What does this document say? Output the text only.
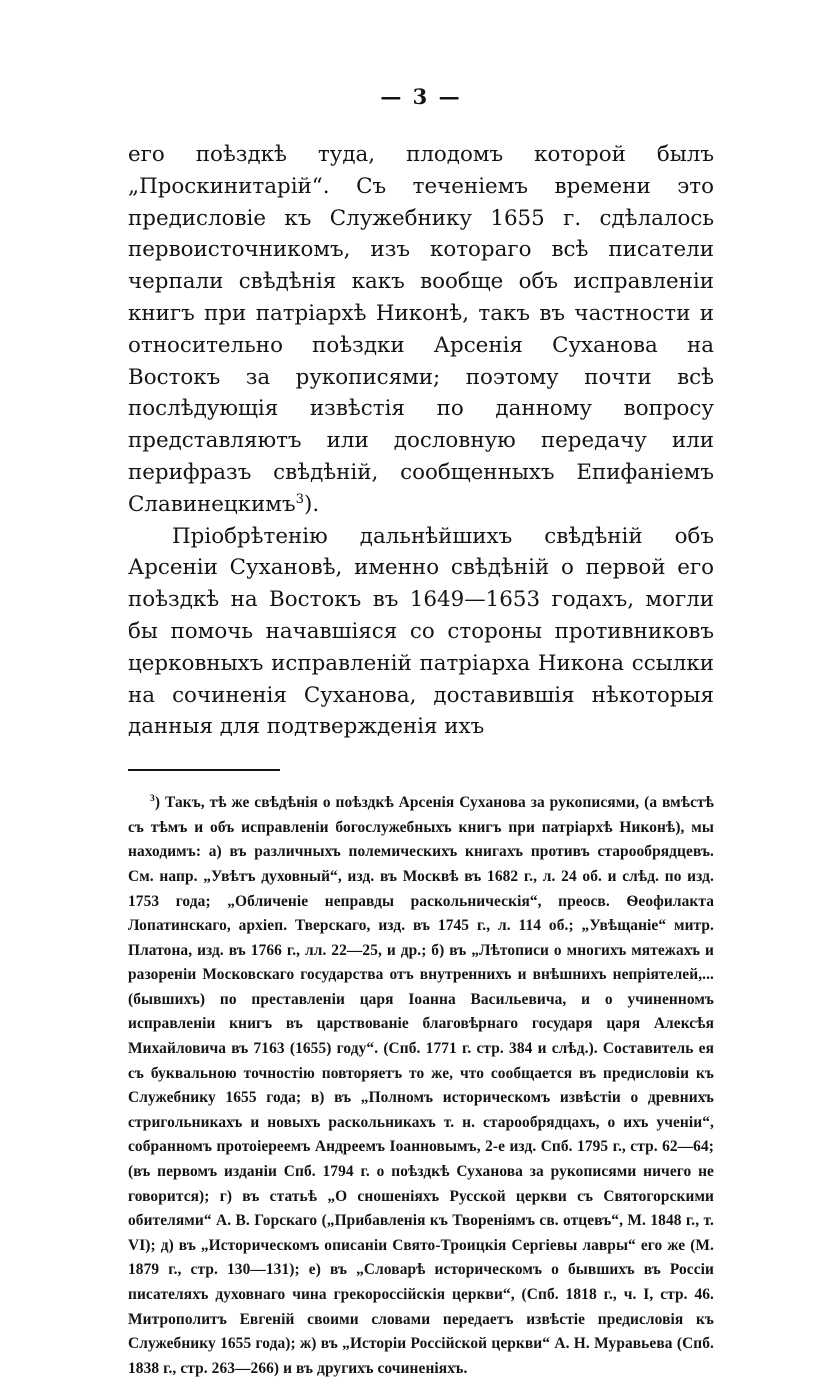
— 3 —

его поѣздкѣ туда, плодомъ которой былъ „Проскинитарій“. Съ теченіемъ времени это предисловіе къ Служебнику 1655 г. сдѣлалось первоисточникомъ, изъ котораго всѣ писатели черпали свѣдѣнія какъ вообще объ исправленіи книгъ при патріархѣ Никонѣ, такъ въ частности и относительно поѣздки Арсенія Суханова на Востокъ за рукописями; поэтому почти всѣ послѣдующія извѣстія по данному вопросу представляютъ или дословную передачу или перифразъ свѣдѣній, сообщенныхъ Епифаніемъ Славинецкимъ$^3$).

Пріобрѣтенію дальнѣйшихъ свѣдѣній объ Арсеніи Сухановѣ, именно свѣдѣній о первой его поѣздкѣ на Востокъ въ 1649—1653 годахъ, могли бы помочь начавшіяся со стороны противниковъ церковныхъ исправленій патріарха Никона ссылки на сочиненія Суханова, доставившія нѣкоторыя данныя для подтвержденія ихъ

$^3$) Такъ, тѣ же свѣдѣнія о поѣздкѣ Арсенія Суханова за рукописями, (а вмѣстѣ съ тѣмъ и объ исправленіи богослужебныхъ книгъ при патріархѣ Никонѣ), мы находимъ: а) въ различныхъ полемическихъ книгахъ противъ старообрядцевъ. См. напр. „Увѣтъ духовный“, изд. въ Москвѣ въ 1682 г., л. 24 об. и слѣд. по изд. 1753 года; „Обличеніе неправды раскольническія“, преосв. Ѳеофилакта Лопатинскаго, архіеп. Тверскаго, изд. въ 1745 г., л. 114 об.; „Увѣщаніе“ митр. Платона, изд. въ 1766 г., лл. 22—25, и др.; б) въ „Лѣтописи о многихъ мятежахъ и разореніи Московскаго государства отъ внутреннихъ и внѣшнихъ непріятелей,... (бывшихъ) по преставленіи царя Іоанна Васильевича, и о учиненномъ исправленіи книгъ въ царствованіе благовѣрнаго государя царя Алексѣя Михайловича въ 7163 (1655) году“. (Спб. 1771 г. стр. 384 и слѣд.). Составитель ея съ буквальною точностію повторяетъ то же, что сообщается въ предисловіи къ Служебнику 1655 года; в) въ „Полномъ историческомъ извѣстіи о древнихъ стригольникахъ и новыхъ раскольникахъ т. н. старообрядцахъ, о ихъ ученіи“, собранномъ протоіереемъ Андреемъ Іоанновымъ, 2-е изд. Спб. 1795 г., стр. 62—64; (въ первомъ изданіи Спб. 1794 г. о поѣздкѣ Суханова за рукописями ничего не говорится); г) въ статьѣ „О сношеніяхъ Русской церкви съ Святогорскими обителями“ А. В. Горскаго („Прибавленія къ Твореніямъ св. отцевъ“, М. 1848 г., т. VI); д) въ „Историческомъ описаніи Свято-Троицкія Сергіевы лавры“ его же (М. 1879 г., стр. 130—131); е) въ „Словарѣ историческомъ о бывшихъ въ Россіи писателяхъ духовнаго чина грекороссійскія церкви“, (Спб. 1818 г., ч. I, стр. 46. Митрополитъ Евгеній своими словами передаетъ извѣстіе предисловія къ Служебнику 1655 года); ж) въ „Исторіи Россійской церкви“ А. Н. Муравьева (Спб. 1838 г., стр. 263—266) и въ другихъ сочиненіяхъ.
